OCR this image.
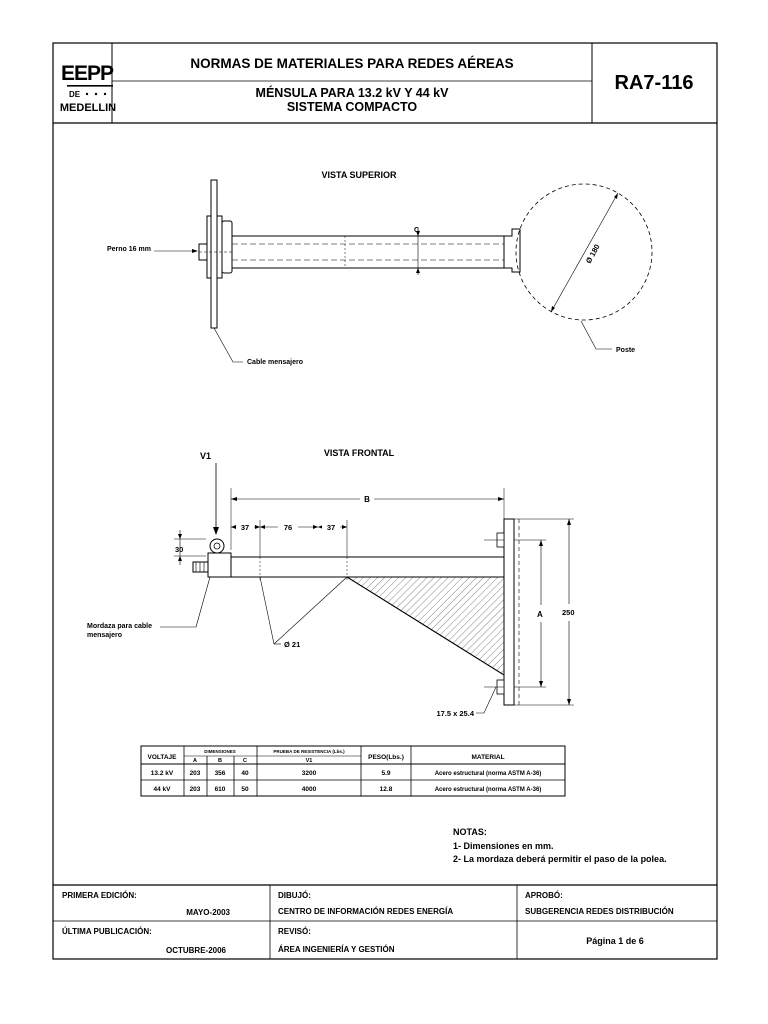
EEPP
DE
MEDELLIN
NORMAS DE MATERIALES PARA REDES AÉREAS
MÉNSULA PARA 13.2 kV Y 44 kV
SISTEMA COMPACTO
RA7-116
VISTA SUPERIOR
C
Ø 180
Perno 16 mm
Cable mensajero
Poste
VISTA FRONTAL
V1
B
37	76	37
30
A	250
Ø 21
17.5 x 25.4
Mordaza para cable
mensajero
VOLTAJE
DIMENSIONES
A	B	C
PRUEBA DE RESISTENCIA (Lbs.)
V1	PESO(Lbs.)	MATERIAL
13.2 kV	203 356 40	3200	5.9	Acero estructural (norma ASTM A-36)
44 kV	203 610 50	4000	12.8	Acero estructural (norma ASTM A-36)
NOTAS:
1- Dimensiones en mm.
2- La mordaza deberá permitir el paso de la polea.
PRIMERA EDICIÓN:
MAYO-2003
ÚLTIMA PUBLICACIÓN:
OCTUBRE-2006
DIBUJÓ:
CENTRO DE INFORMACIÓN REDES ENERGÍA
REVISÓ:
ÁREA INGENIERÍA Y GESTIÓN
APROBÓ:
SUBGERENCIA REDES DISTRIBUCIÓN
Página 1 de 6
